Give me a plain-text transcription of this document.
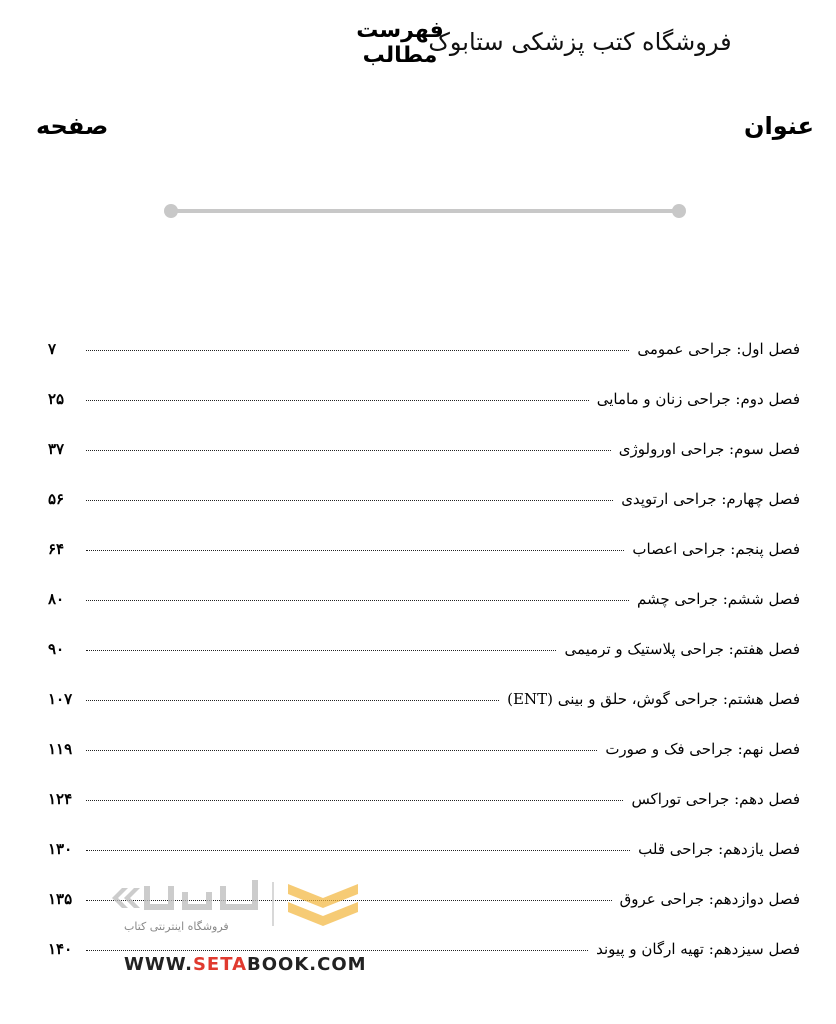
فروشگاه کتب پزشکی ستابوک
فهرست مطالب
عنوان
صفحه
فصل اول: جراحی عمومی
۷
فصل دوم: جراحی زنان و مامایی
۲۵
فصل سوم: جراحی اورولوژی
۳۷
فصل چهارم: جراحی ارتوپدی
۵۶
فصل پنجم: جراحی اعصاب
۶۴
فصل ششم: جراحی چشم
۸۰
فصل هفتم: جراحی پلاستیک و ترمیمی
۹۰
فصل هشتم: جراحی گوش، حلق و بینی (ENT)
۱۰۷
فصل نهم: جراحی فک و صورت
۱۱۹
فصل دهم: جراحی توراکس
۱۲۴
فصل یازدهم: جراحی قلب
۱۳۰
فصل دوازدهم: جراحی عروق
۱۳۵
فصل سیزدهم: تهیه ارگان و پیوند
۱۴۰
فروشگاه اینترنتی کتاب
WWW.SETABOOK.COM
